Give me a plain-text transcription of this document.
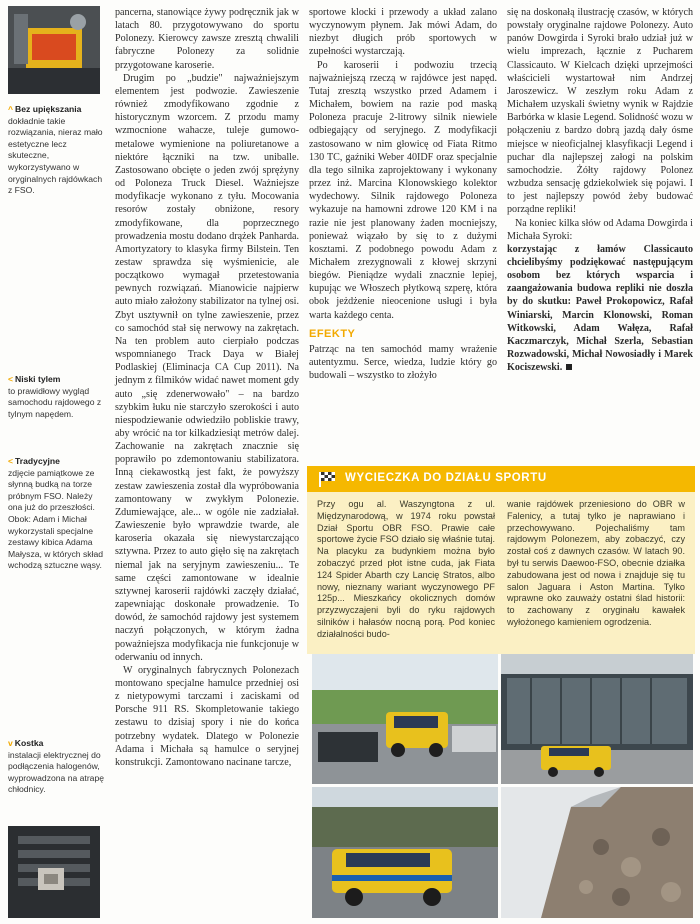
^ Bez upiększania
dokładnie takie rozwiązania, nieraz mało estetyczne lecz skuteczne, wykorzystywano w oryginalnych rajdówkach z FSO.
< Niski tylem
to prawidłowy wygląd samochodu rajdowego z tylnym napędem.
< Tradycyjne
zdjęcie pamiątkowe ze słynną budką na torze próbnym FSO. Należy ona już do przeszłości. Obok: Adam i Michał wykorzystali specjalne zestawy kibica Adama Małysza, w których skład wchodzą sztuczne wąsy.
v Kostka
instalacji elektrycznej do podłączenia halogenów, wyprowadzona na atrapę chłodnicy.

pancerna, stanowiące żywy podręcznik jak w latach 80. przygotowywano do sportu Polonezy. Kierowcy zawsze zresztą chwalili fabryczne Polonezy za solidnie przygotowane karoserie.

Drugim po „budzie" najważniejszym elementem jest podwozie. Zawieszenie również zmodyfikowano zgodnie z historycznym wzorcem. Z przodu mamy wzmocnione wahacze, tuleje gumowo-metalowe wymienione na poliuretanowe a niektóre łączniki na tzw. uniballe. Zastosowano obcięte o jeden zwój sprężyny od Poloneza Truck Diesel. Ważniejsze modyfikacje wykonano z tyłu. Mocowania resorów zostały obniżone, resory zmodyfikowane, dla poprzecznego prowadzenia mostu dodano drążek Panharda. Amortyzatory to klasyka firmy Bilstein. Ten zestaw sprawdza się wyśmienicie, ale początkowo wymagał przetestowania pewnych rozwiązań. Mianowicie najpierw auto miało założony stabilizator na tylnej osi. Zbyt usztywnił on tylne zawieszenie, przez co samochód stał się nerwowy na zakrętach. Na ten problem auto cierpiało podczas wspomnianego Track Daya w Białej Podlaskiej (Eliminacja CA Cup 2011). Na jednym z filmików widać nawet moment gdy auto „się zdenerwowało" – na bardzo szybkim łuku nie starczyło szerokości i auto niespodziewanie odwiedziło pobliskie trawy, aby wrócić na tor kilkadziesiąt metrów dalej. Zachowanie na zakrętach znacznie się poprawiło po zdemontowaniu stabilizatora. Inną ciekawostką jest fakt, że powyższy zestaw zawieszenia został dla wypróbowania zamontowany w zwykłym Polonezie. Zdumiewające, ale... w ogóle nie zadziałał. Zawieszenie było wprawdzie twarde, ale karoseria okazała się niewystarczająco sztywna. Przez to auto gięło się na zakrętach niemal jak na seryjnym zawieszeniu... Te same części zamontowane w idealnie sztywnej karoserii rajdówki zaczęły działać, zapewniając doskonałe prowadzenie. To dowód, że samochód rajdowy jest systemem naczyń połączonych, w którym żadna poważniejsza modyfikacja nie funkcjonuje w oderwaniu od innych.

W oryginalnych fabrycznych Polonezach montowano specjalne hamulce przedniej osi z nietypowymi tarczami i zaciskami od Porsche 911 RS. Skompletowanie takiego zestawu to dzisiaj spory i nie do końca potrzebny wydatek. Dlatego w Polonezie Adama i Michała są hamulce o seryjnej konstrukcji. Zamontowano nacinane tarcze,

sportowe klocki i przewody a układ zalano wyczynowym płynem. Jak mówi Adam, do niezbyt długich prób sportowych w zupełności wystarczają.

Po karoserii i podwoziu trzecią najważniejszą rzeczą w rajdówce jest napęd. Tutaj zresztą wszystko przed Adamem i Michałem, bowiem na razie pod maską Poloneza pracuje 2-litrowy silnik niewiele odbiegający od seryjnego. Z modyfikacji zastosowano w nim głowicę od Fiata Ritmo 130 TC, gaźniki Weber 40IDF oraz specjalnie dla tego silnika zaprojektowany i wykonany przez inż. Marcina Klonowskiego kolektor wydechowy. Silnik rajdowego Poloneza wykazuje na hamowni zdrowe 120 KM i na razie nie jest planowany żaden mocniejszy, ponieważ wiązało by się to z dużymi kosztami. Z podobnego powodu Adam z Michałem zrezygnowali z kłowej skrzyni biegów. Pieniądze wydali znacznie lepiej, kupując we Włoszech płytkową szperę, która obok jeżdżenie nieocenione usługi i była warta każdego centa.

EFEKTY

Patrząc na ten samochód mamy wrażenie autentyzmu. Serce, wiedza, ludzie który go budowali – wszystko to złożyło

się na doskonałą ilustrację czasów, w których powstały oryginalne rajdowe Polonezy. Auto panów Dowgirda i Syroki brało udział już w wielu imprezach, łącznie z Pucharem Classicauto. W Kielcach dzięki uprzejmości właścicieli wystartował nim Andrzej Jaroszewicz. W zeszłym roku Adam z Michałem uzyskali świetny wynik w Rajdzie Barbórka w klasie Legend. Solidność wozu w połączeniu z bardzo dobrą jazdą dały ósme miejsce w nieoficjalnej klasyfikacji Legend i puchar dla najlepszej załogi na polskim samochodzie. Żółty rajdowy Polonez wzbudza sensację gdziekolwiek się pojawi. I to jest najlepszy powód żeby budować porządne repliki!

Na koniec kilka słów od Adama Dowgirda i Michała Syroki:

korzystając z łamów Classicauto chcielibyśmy podziękować następującym osobom bez których wsparcia i zaangażowania budowa repliki nie doszła by do skutku: Paweł Prokopowicz, Rafał Winiarski, Marcin Klonowski, Roman Witkowski, Adam Wałęza, Rafał Kaczmarczyk, Michał Szerla, Sebastian Rozwadowski, Michał Nowosiadły i Marek Kociszewski.

WYCIECZKA DO DZIAŁU SPORTU
Przy ogu al. Waszyngtona z ul. Międzynarodową, w 1974 roku powstał Dział Sportu OBR FSO. Prawie całe sportowe życie FSO działo się właśnie tutaj. Na placyku za budynkiem można było zobaczyć przed płot istne cuda, jak Fiata 124 Spider Abarth czy Lancię Stratos, albo nowy, nieznany wariant wyczynowego PF 125p... Mieszkańcy okolicznych domów przyzwyczajeni byli do ryku rajdowych silników i hałasów nocną porą. Pod koniec działalności budo-
wanie rajdówek przeniesiono do OBR w Falenicy, a tutaj tylko je naprawiano i przechowywano. Pojechaliśmy tam rajdowym Polonezem, aby zobaczyć, czy został coś z dawnych czasów. W latach 90. był tu serwis Daewoo-FSO, obecnie działka zabudowana jest od nowa i znajduje się tu salon Jaguara i Aston Martina. Tylko wprawne oko zauważy ostatni ślad historii: to zachowany z oryginału kawałek wyłożonego kamieniem ogrodzenia.
